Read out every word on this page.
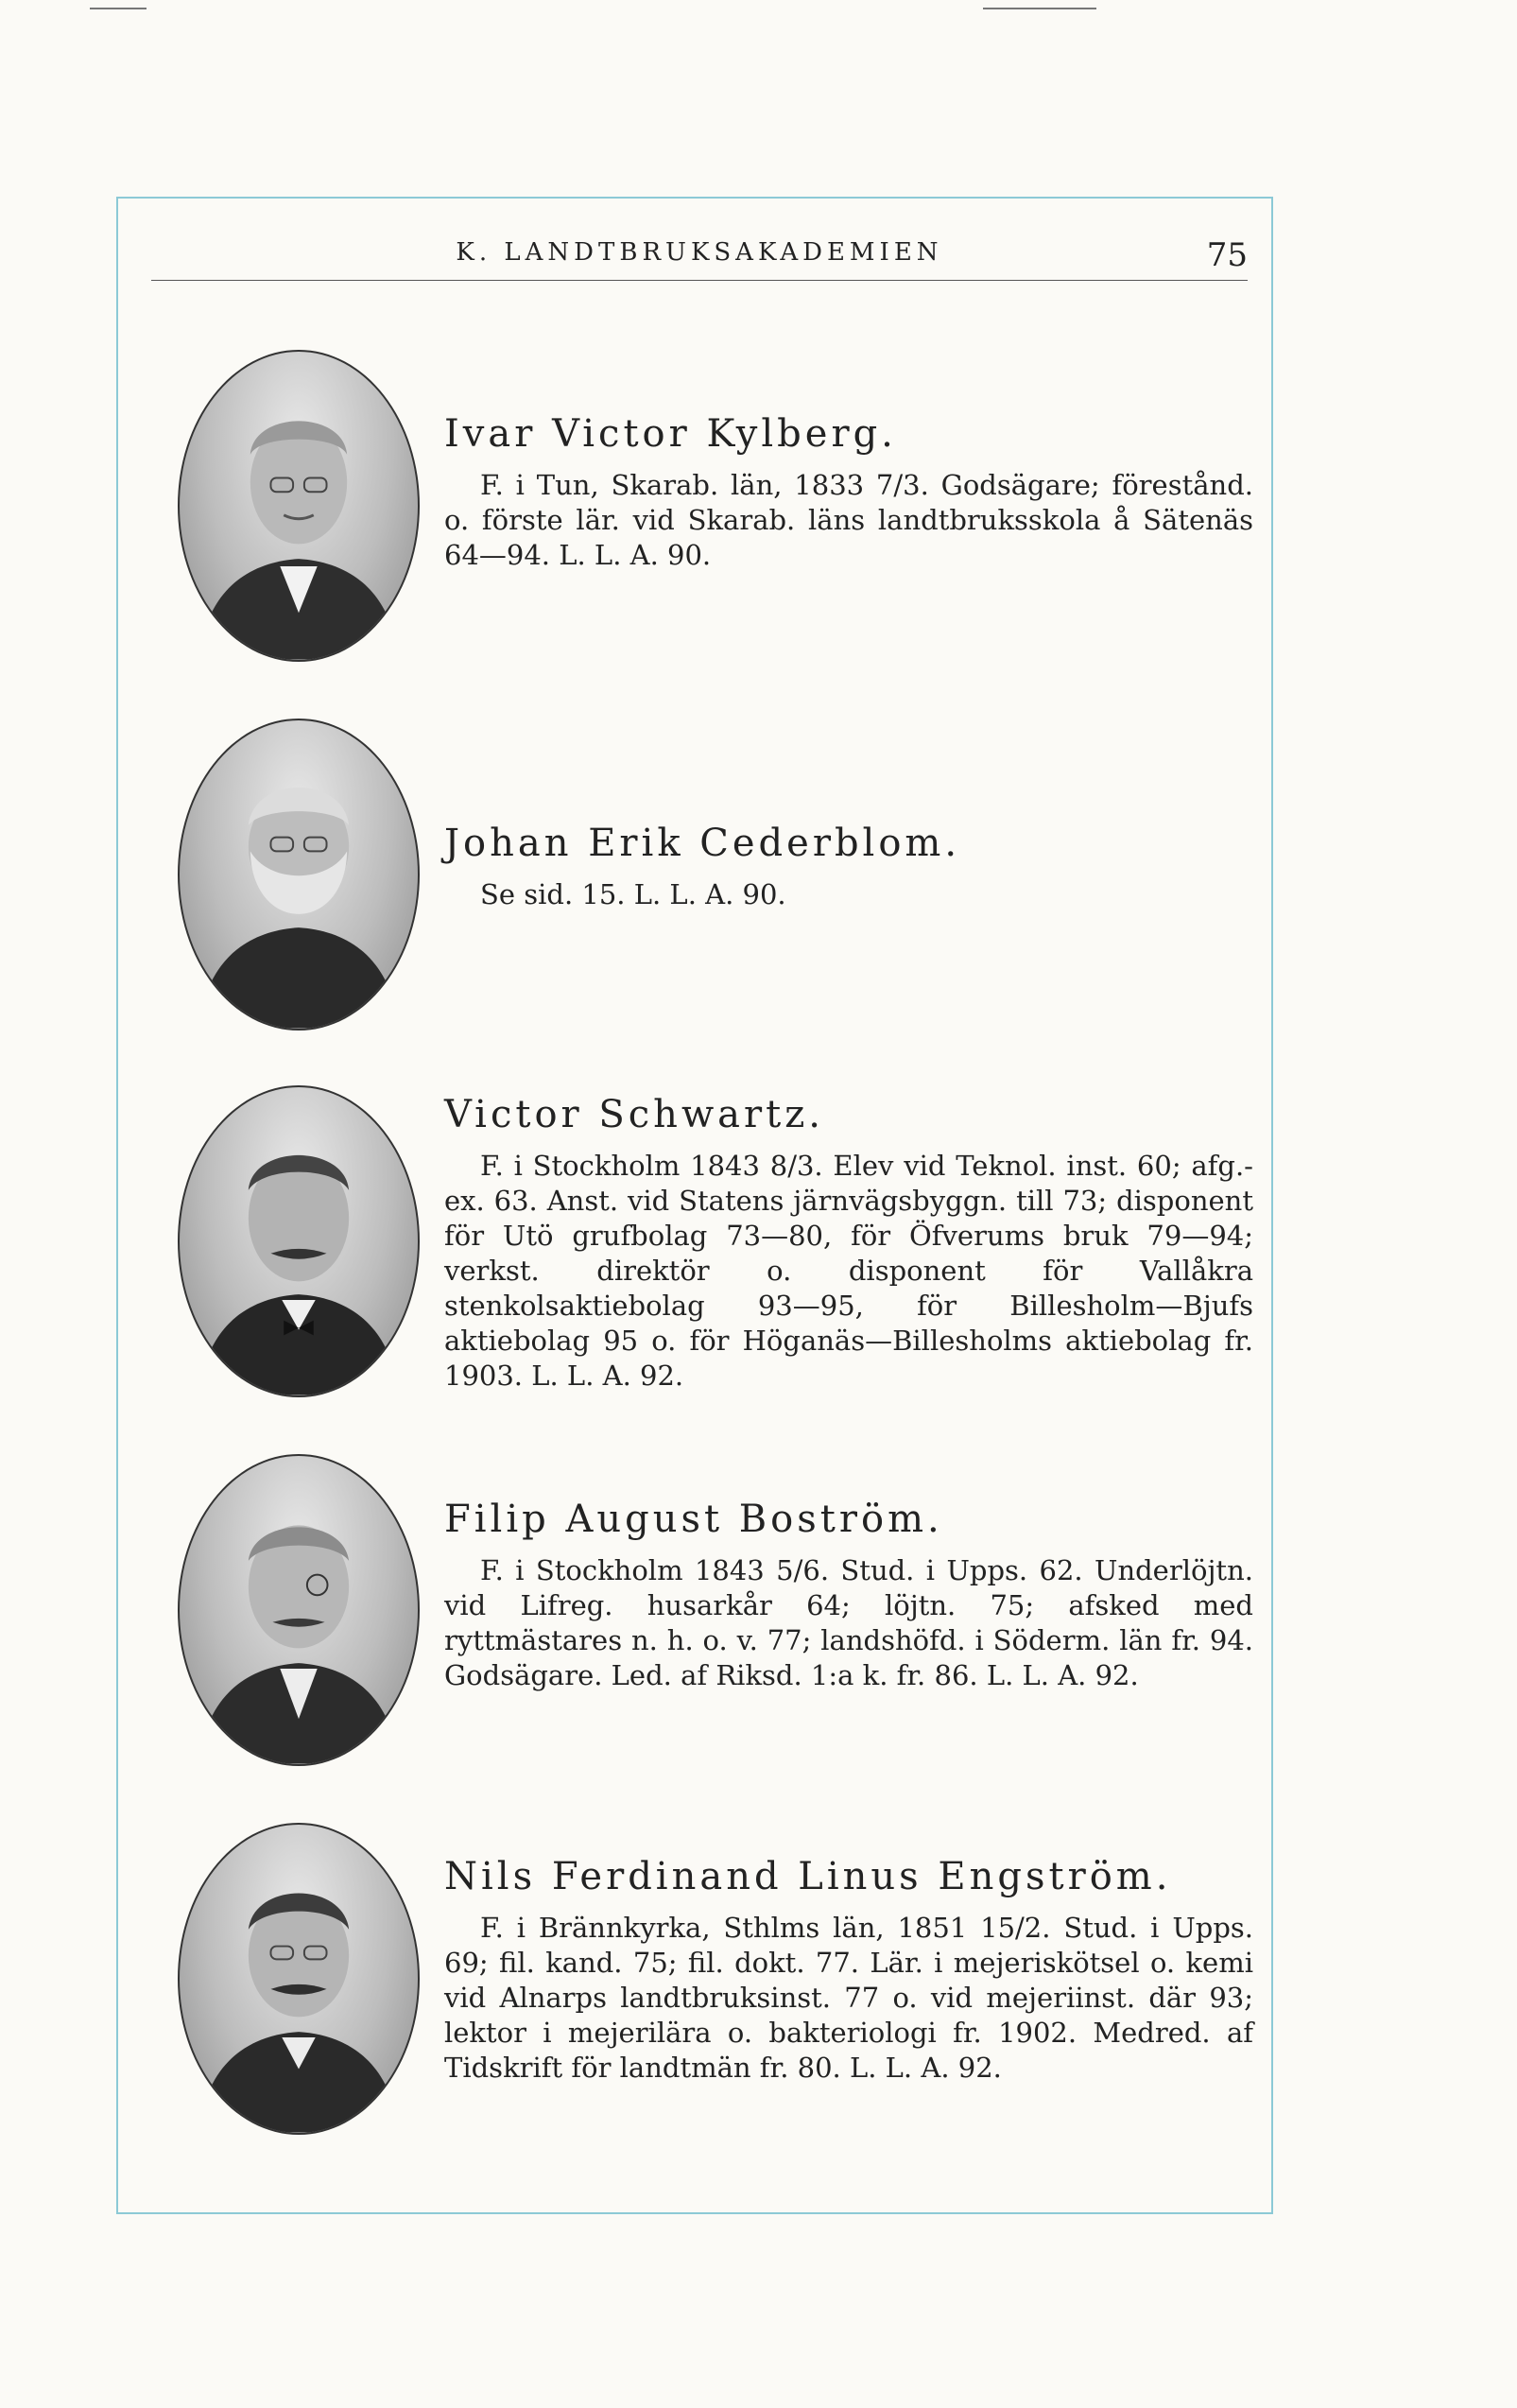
K. LANDTBRUKSAKADEMIEN	75
Ivar Victor Kylberg.

F. i Tun, Skarab. län, 1833 7/3. Godsägare; förestånd. o. förste lär. vid Skarab. läns landtbruksskola å Sätenäs 64—94. L. L. A. 90.

Johan Erik Cederblom.

Se sid. 15. L. L. A. 90.

Victor Schwartz.

F. i Stockholm 1843 8/3. Elev vid Teknol. inst. 60; afg.-ex. 63. Anst. vid Statens järnvägsbyggn. till 73; disponent för Utö grufbolag 73—80, för Öfverums bruk 79—94; verkst. direktör o. disponent för Vallåkra stenkolsaktiebolag 93—95, för Billesholm—Bjufs aktiebolag 95 o. för Höganäs—Billesholms aktiebolag fr. 1903. L. L. A. 92.

Filip August Boström.

F. i Stockholm 1843 5/6. Stud. i Upps. 62. Underlöjtn. vid Lifreg. husarkår 64; löjtn. 75; afsked med ryttmästares n. h. o. v. 77; landshöfd. i Söderm. län fr. 94. Godsägare. Led. af Riksd. 1:a k. fr. 86. L. L. A. 92.

Nils Ferdinand Linus Engström.

F. i Brännkyrka, Sthlms län, 1851 15/2. Stud. i Upps. 69; fil. kand. 75; fil. dokt. 77. Lär. i mejeriskötsel o. kemi vid Alnarps landtbruksinst. 77 o. vid mejeriinst. där 93; lektor i mejerilära o. bakteriologi fr. 1902. Medred. af Tidskrift för landtmän fr. 80. L. L. A. 92.
